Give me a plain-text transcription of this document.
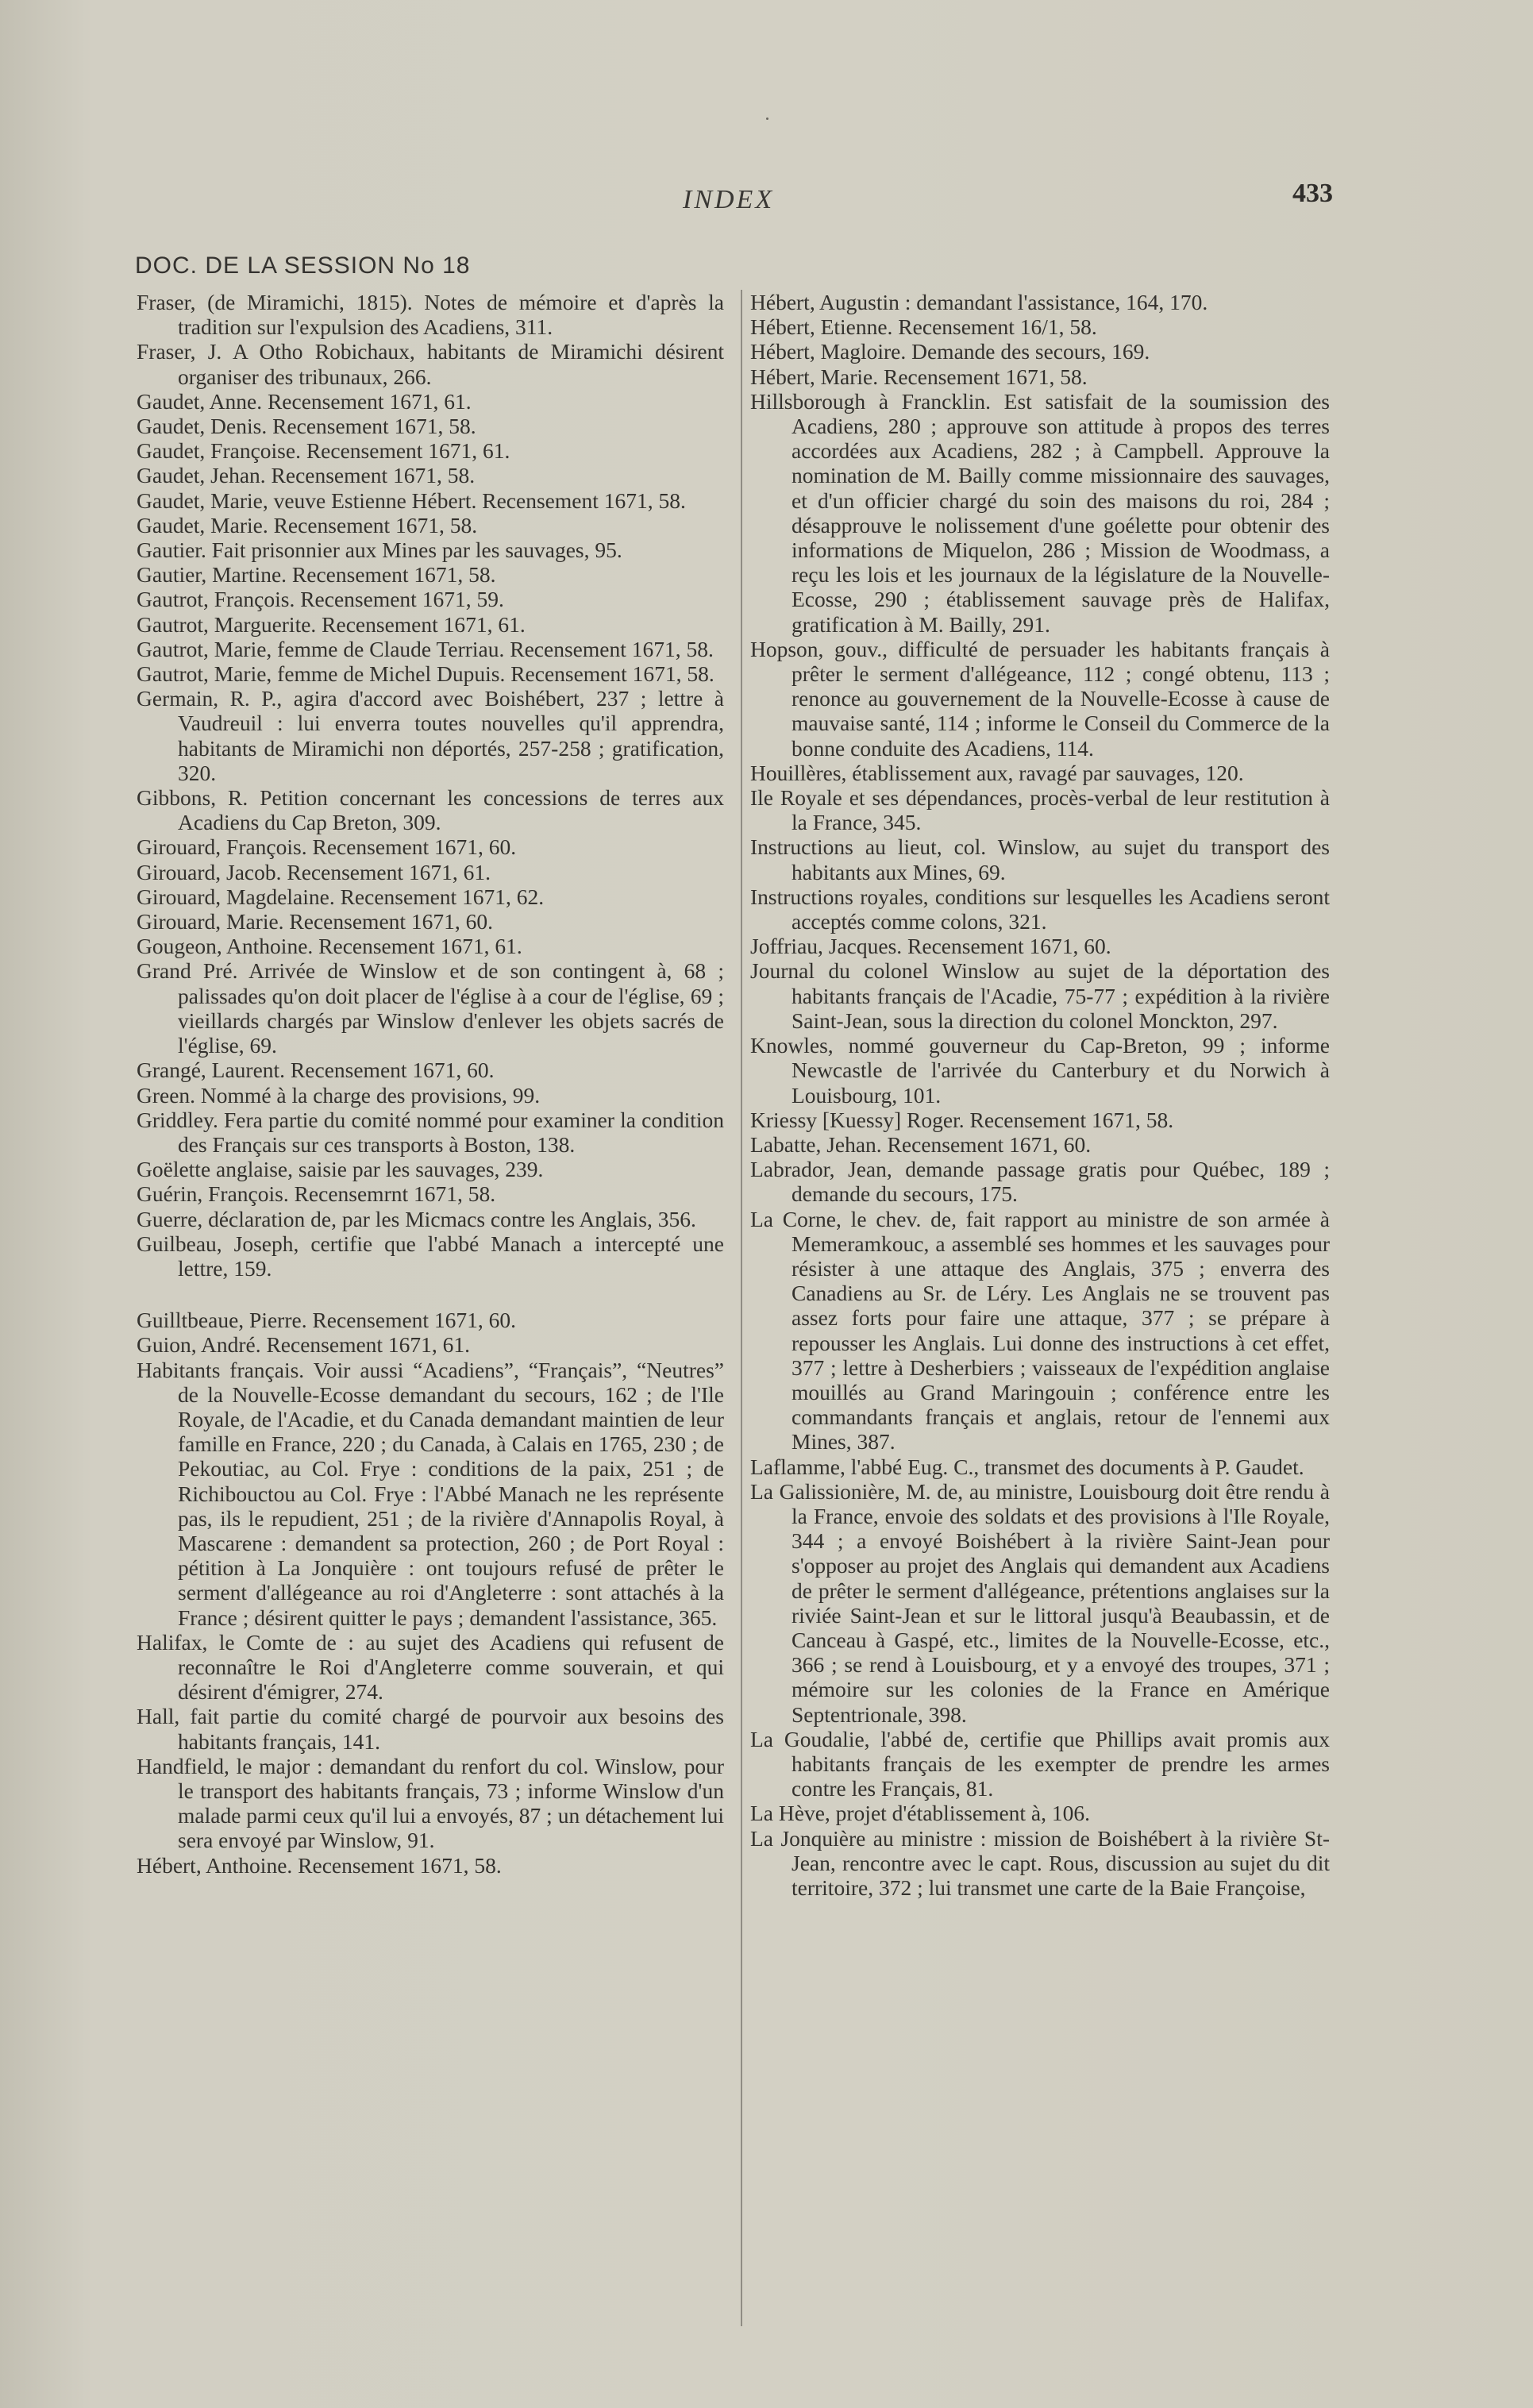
INDEX	433
DOC. DE LA SESSION No 18

Fraser, (de Miramichi, 1815). Notes de mémoire et d'après la tradition sur l'expulsion des Acadiens, 311.

Fraser, J. A Otho Robichaux, habitants de Miramichi désirent organiser des tribunaux, 266.

Gaudet, Anne. Recensement 1671, 61.

Gaudet, Denis. Recensement 1671, 58.

Gaudet, Françoise. Recensement 1671, 61.

Gaudet, Jehan. Recensement 1671, 58.

Gaudet, Marie, veuve Estienne Hébert. Recensement 1671, 58.

Gaudet, Marie. Recensement 1671, 58.

Gautier. Fait prisonnier aux Mines par les sauvages, 95.

Gautier, Martine. Recensement 1671, 58.

Gautrot, François. Recensement 1671, 59.

Gautrot, Marguerite. Recensement 1671, 61.

Gautrot, Marie, femme de Claude Terriau. Recensement 1671, 58.

Gautrot, Marie, femme de Michel Dupuis. Recensement 1671, 58.

Germain, R. P., agira d'accord avec Boishébert, 237 ; lettre à Vaudreuil : lui enverra toutes nouvelles qu'il apprendra, habitants de Miramichi non déportés, 257-258 ; gratification, 320.

Gibbons, R. Petition concernant les concessions de terres aux Acadiens du Cap Breton, 309.

Girouard, François. Recensement 1671, 60.

Girouard, Jacob. Recensement 1671, 61.

Girouard, Magdelaine. Recensement 1671, 62.

Girouard, Marie. Recensement 1671, 60.

Gougeon, Anthoine. Recensement 1671, 61.

Grand Pré. Arrivée de Winslow et de son contingent à, 68 ; palissades qu'on doit placer de l'église à a cour de l'église, 69 ; vieillards chargés par Winslow d'enlever les objets sacrés de l'église, 69.

Grangé, Laurent. Recensement 1671, 60.

Green. Nommé à la charge des provisions, 99.

Griddley. Fera partie du comité nommé pour examiner la condition des Français sur ces transports à Boston, 138.

Goëlette anglaise, saisie par les sauvages, 239.

Guérin, François. Recensemrnt 1671, 58.

Guerre, déclaration de, par les Micmacs contre les Anglais, 356.

Guilbeau, Joseph, certifie que l'abbé Manach a intercepté une lettre, 159.

Guilltbeaue, Pierre. Recensement 1671, 60.

Guion, André. Recensement 1671, 61.

Habitants français. Voir aussi “Acadiens”, “Français”, “Neutres” de la Nouvelle-Ecosse demandant du secours, 162 ; de l'Ile Royale, de l'Acadie, et du Canada demandant maintien de leur famille en France, 220 ; du Canada, à Calais en 1765, 230 ; de Pekoutiac, au Col. Frye : conditions de la paix, 251 ; de Richibouctou au Col. Frye : l'Abbé Manach ne les représente pas, ils le repudient, 251 ; de la rivière d'Annapolis Royal, à Mascarene : demandent sa protection, 260 ; de Port Royal : pétition à La Jonquière : ont toujours refusé de prêter le serment d'allégeance au roi d'Angleterre : sont attachés à la France ; désirent quitter le pays ; demandent l'assistance, 365.

Halifax, le Comte de : au sujet des Acadiens qui refusent de reconnaître le Roi d'Angleterre comme souverain, et qui désirent d'émigrer, 274.

Hall, fait partie du comité chargé de pourvoir aux besoins des habitants français, 141.

Handfield, le major : demandant du renfort du col. Winslow, pour le transport des habitants français, 73 ; informe Winslow d'un malade parmi ceux qu'il lui a envoyés, 87 ; un détachement lui sera envoyé par Winslow, 91.

Hébert, Anthoine. Recensement 1671, 58.

Hébert, Augustin : demandant l'assistance, 164, 170.

Hébert, Etienne. Recensement 16/1, 58.

Hébert, Magloire. Demande des secours, 169.

Hébert, Marie. Recensement 1671, 58.

Hillsborough à Francklin. Est satisfait de la soumission des Acadiens, 280 ; approuve son attitude à propos des terres accordées aux Acadiens, 282 ; à Campbell. Approuve la nomination de M. Bailly comme missionnaire des sauvages, et d'un officier chargé du soin des maisons du roi, 284 ; désapprouve le nolissement d'une goélette pour obtenir des informations de Miquelon, 286 ; Mission de Woodmass, a reçu les lois et les journaux de la législature de la Nouvelle-Ecosse, 290 ; établissement sauvage près de Halifax, gratification à M. Bailly, 291.

Hopson, gouv., difficulté de persuader les habitants français à prêter le serment d'allégeance, 112 ; congé obtenu, 113 ; renonce au gouvernement de la Nouvelle-Ecosse à cause de mauvaise santé, 114 ; informe le Conseil du Commerce de la bonne conduite des Acadiens, 114.

Houillères, établissement aux, ravagé par sauvages, 120.

Ile Royale et ses dépendances, procès-verbal de leur restitution à la France, 345.

Instructions au lieut, col. Winslow, au sujet du transport des habitants aux Mines, 69.

Instructions royales, conditions sur lesquelles les Acadiens seront acceptés comme colons, 321.

Joffriau, Jacques. Recensement 1671, 60.

Journal du colonel Winslow au sujet de la déportation des habitants français de l'Acadie, 75-77 ; expédition à la rivière Saint-Jean, sous la direction du colonel Monckton, 297.

Knowles, nommé gouverneur du Cap-Breton, 99 ; informe Newcastle de l'arrivée du Canterbury et du Norwich à Louisbourg, 101.

Kriessy [Kuessy] Roger. Recensement 1671, 58.

Labatte, Jehan. Recensement 1671, 60.

Labrador, Jean, demande passage gratis pour Québec, 189 ; demande du secours, 175.

La Corne, le chev. de, fait rapport au ministre de son armée à Memeramkouc, a assemblé ses hommes et les sauvages pour résister à une attaque des Anglais, 375 ; enverra des Canadiens au Sr. de Léry. Les Anglais ne se trouvent pas assez forts pour faire une attaque, 377 ; se prépare à repousser les Anglais. Lui donne des instructions à cet effet, 377 ; lettre à Desherbiers ; vaisseaux de l'expédition anglaise mouillés au Grand Maringouin ; conférence entre les commandants français et anglais, retour de l'ennemi aux Mines, 387.

Laflamme, l'abbé Eug. C., transmet des documents à P. Gaudet.

La Galissionière, M. de, au ministre, Louisbourg doit être rendu à la France, envoie des soldats et des provisions à l'Ile Royale, 344 ; a envoyé Boishébert à la rivière Saint-Jean pour s'opposer au projet des Anglais qui demandent aux Acadiens de prêter le serment d'allégeance, prétentions anglaises sur la riviée Saint-Jean et sur le littoral jusqu'à Beaubassin, et de Canceau à Gaspé, etc., limites de la Nouvelle-Ecosse, etc., 366 ; se rend à Louisbourg, et y a envoyé des troupes, 371 ; mémoire sur les colonies de la France en Amérique Septentrionale, 398.

La Goudalie, l'abbé de, certifie que Phillips avait promis aux habitants français de les exempter de prendre les armes contre les Français, 81.

La Hève, projet d'établissement à, 106.

La Jonquière au ministre : mission de Boishébert à la rivière St-Jean, rencontre avec le capt. Rous, discussion au sujet du dit territoire, 372 ; lui transmet une carte de la Baie Françoise,
